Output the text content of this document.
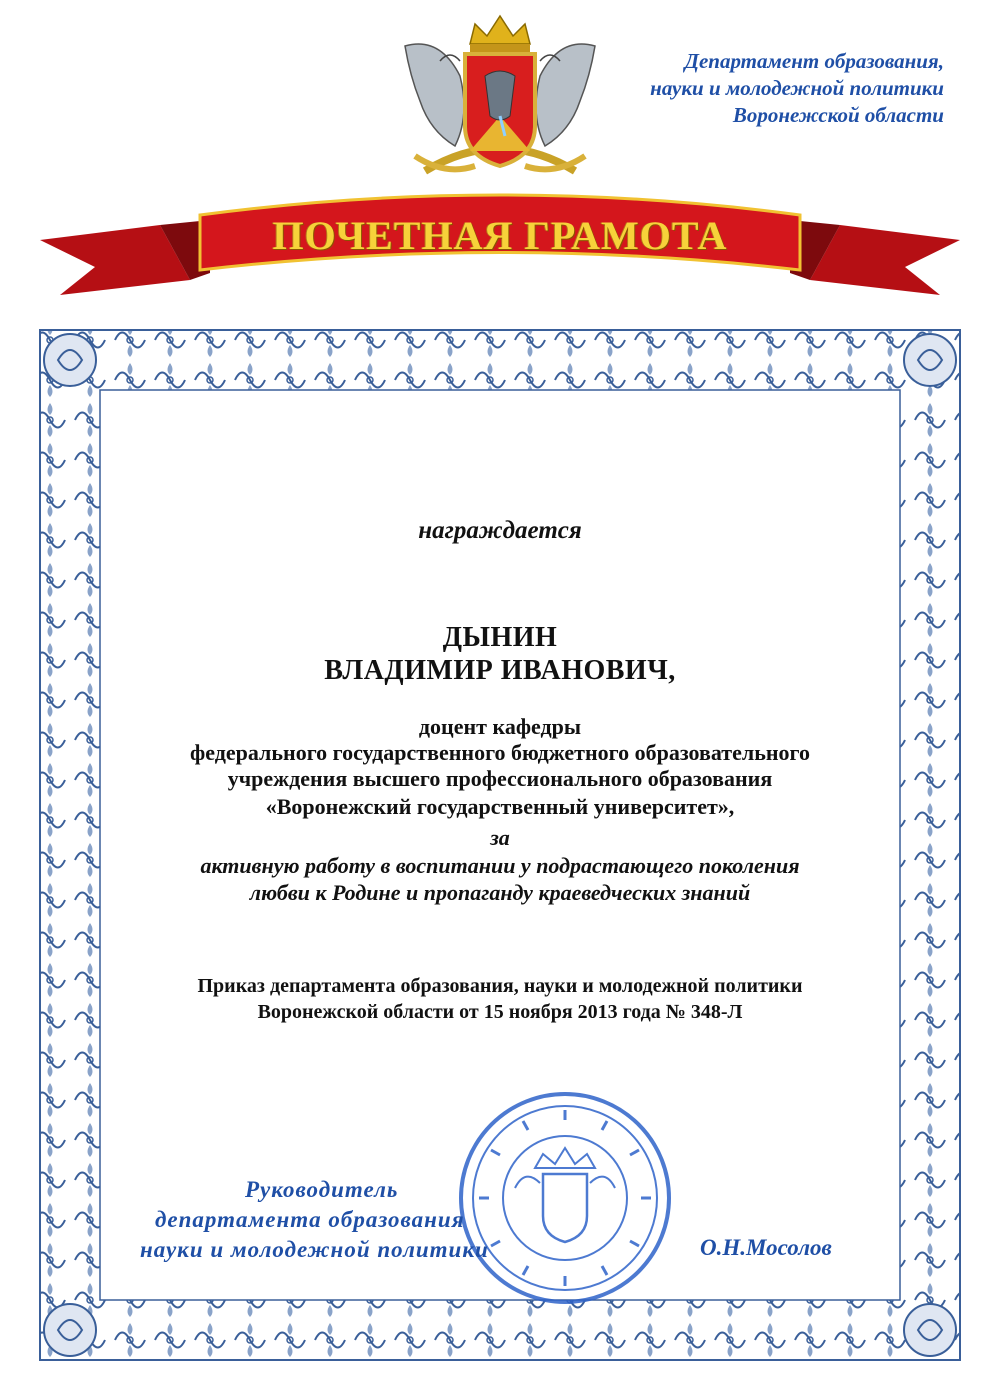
Департамент образования,
науки и молодежной политики
Воронежской области
ПОЧЕТНАЯ ГРАМОТА
награждается
ДЫНИН
ВЛАДИМИР ИВАНОВИЧ,
доцент кафедры
федерального государственного бюджетного образовательного
учреждения высшего профессионального образования
«Воронежский государственный университет»,
за
активную работу в воспитании у подрастающего поколения
любви к Родине и пропаганду краеведческих знаний
Приказ департамента образования, науки и молодежной политики
Воронежской области от 15 ноября 2013 года № 348-Л
Руководитель
департамента образования
науки и молодежной политики	О.Н.Мосолов
